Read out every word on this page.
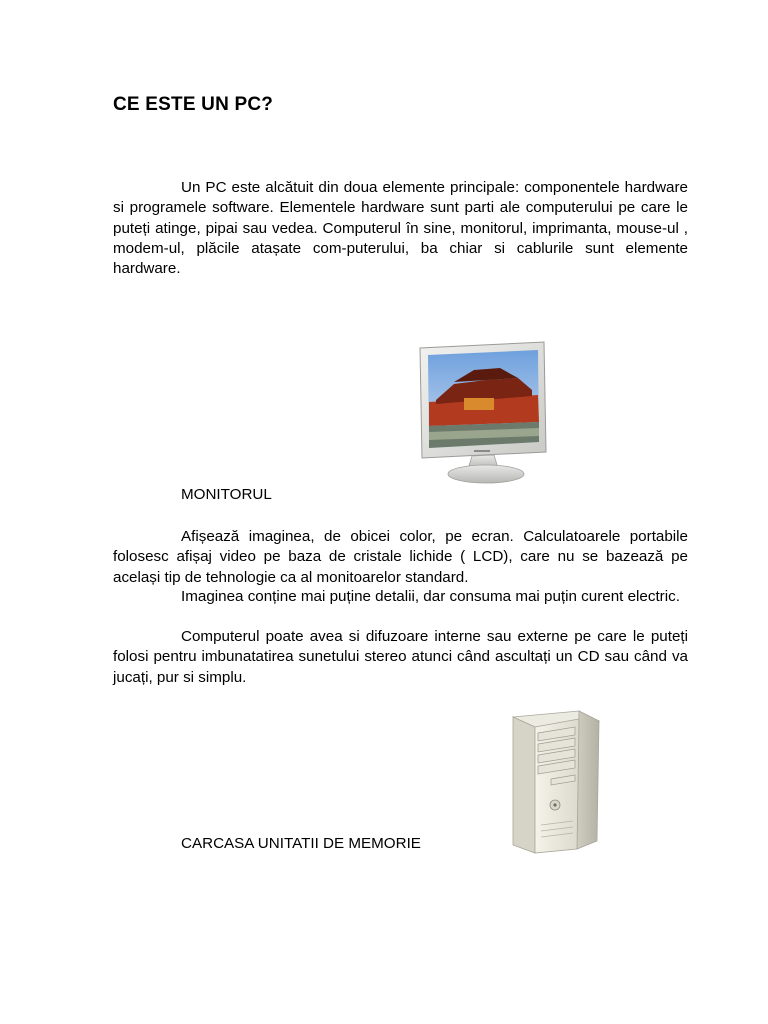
CE ESTE UN PC?

Un PC este alcătuit din doua elemente principale: componentele hardware si programele software. Elementele hardware sunt parti ale computerului pe care le puteți atinge, pipai sau vedea. Computerul în sine, monitorul, imprimanta, mouse-ul , modem-ul, plăcile atașate com-puterului, ba chiar si cablurile sunt elemente hardware.

MONITORUL

Afișează imaginea, de obicei color, pe ecran. Calculatoarele portabile folosesc afișaj video pe baza de cristale lichide ( LCD), care nu se bazează pe același tip de tehnologie ca al monitoarelor standard.

Imaginea conține mai puține detalii, dar consuma mai puțin curent electric.

Computerul poate avea si difuzoare interne sau externe pe care le puteți folosi pentru imbunatatirea sunetului stereo atunci când ascultați un CD sau când va jucați, pur si simplu.

CARCASA UNITATII DE MEMORIE
